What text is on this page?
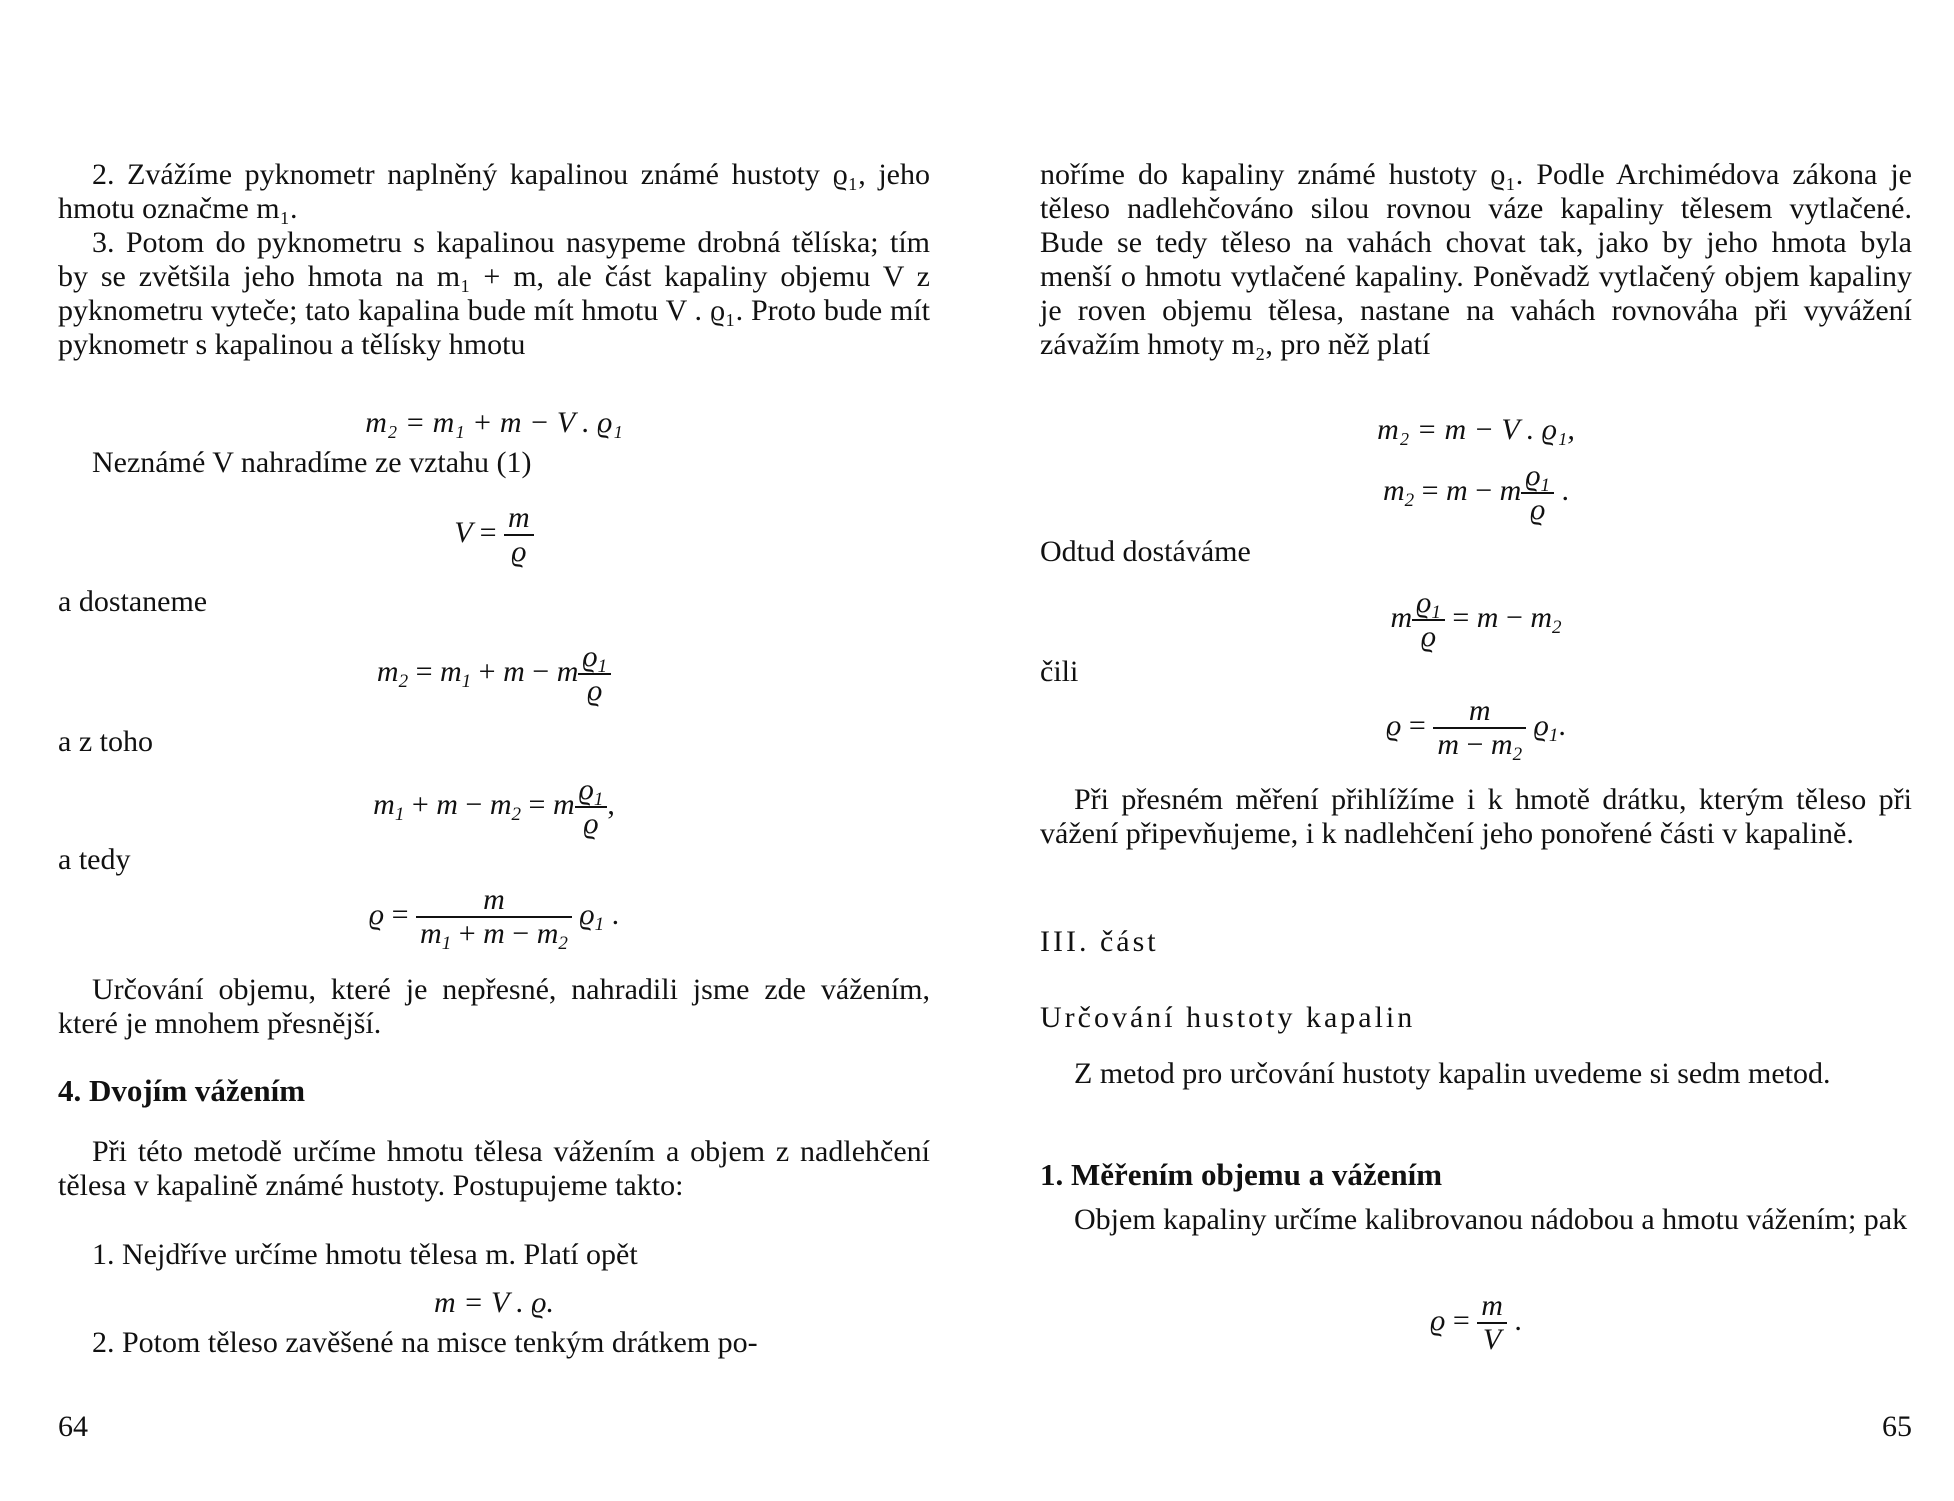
2. Zvážíme pyknometr naplněný kapalinou známé hustoty ϱ₁, jeho hmotu označme m₁.

3. Potom do pyknometru s kapalinou nasypeme drobná tělíska; tím by se zvětšila jeho hmota na m₁ + m, ale část kapaliny objemu V z pyknometru vyteče; tato kapalina bude mít hmotu V . ϱ₁. Proto bude mít pyknometr s kapalinou a tělísky hmotu

m₂ = m₁ + m − V . ϱ₁

Neznámé V nahradíme ze vztahu (1)

$V = \frac{m}{ϱ}$

a dostaneme

$m_2 = m_1 + m - m \frac{ϱ_1}{ϱ}$

a z toho

$m_1 + m - m_2 = m \frac{ϱ_1}{ϱ}$ ,

a tedy

$ϱ = \frac{m}{m_1 + m - m_2} ϱ_1$ .

Určování objemu, které je nepřesné, nahradili jsme zde vážením, které je mnohem přesnější.

4. Dvojím vážením

Při této metodě určíme hmotu tělesa vážením a objem z nadlehčení tělesa v kapalině známé hustoty. Postupujeme takto:

1. Nejdříve určíme hmotu tělesa m. Platí opět

m = V . ϱ.

2. Potom těleso zavěšené na misce tenkým drátkem po-

64

noříme do kapaliny známé hustoty ϱ₁. Podle Archimédova zákona je těleso nadlehčováno silou rovnou váze kapaliny tělesem vytlačené. Bude se tedy těleso na vahách chovat tak, jako by jeho hmota byla menší o hmotu vytlačené kapaliny. Poněvadž vytlačený objem kapaliny je roven objemu tělesa, nastane na vahách rovnováha při vyvážení závažím hmoty m₂, pro něž platí

m₂ = m − V . ϱ₁,
$m_2 = m - m \frac{ϱ_1}{ϱ}$ .

Odtud dostáváme

m $\frac{ϱ_1}{ϱ} = m - m_2$

čili

$ϱ = \frac{m}{m - m_2} ϱ_1$.

Při přesném měření přihlížíme i k hmotě drátku, kterým těleso při vážení připevňujeme, i k nadlehčení jeho ponořené části v kapalině.

III. část
Určování hustoty kapalin

Z metod pro určování hustoty kapalin uvedeme si sedm metod.

1. Měřením objemu a vážením

Objem kapaliny určíme kalibrovanou nádobou a hmotu vážením; pak

$ϱ = \frac{m}{V}$ .
65
